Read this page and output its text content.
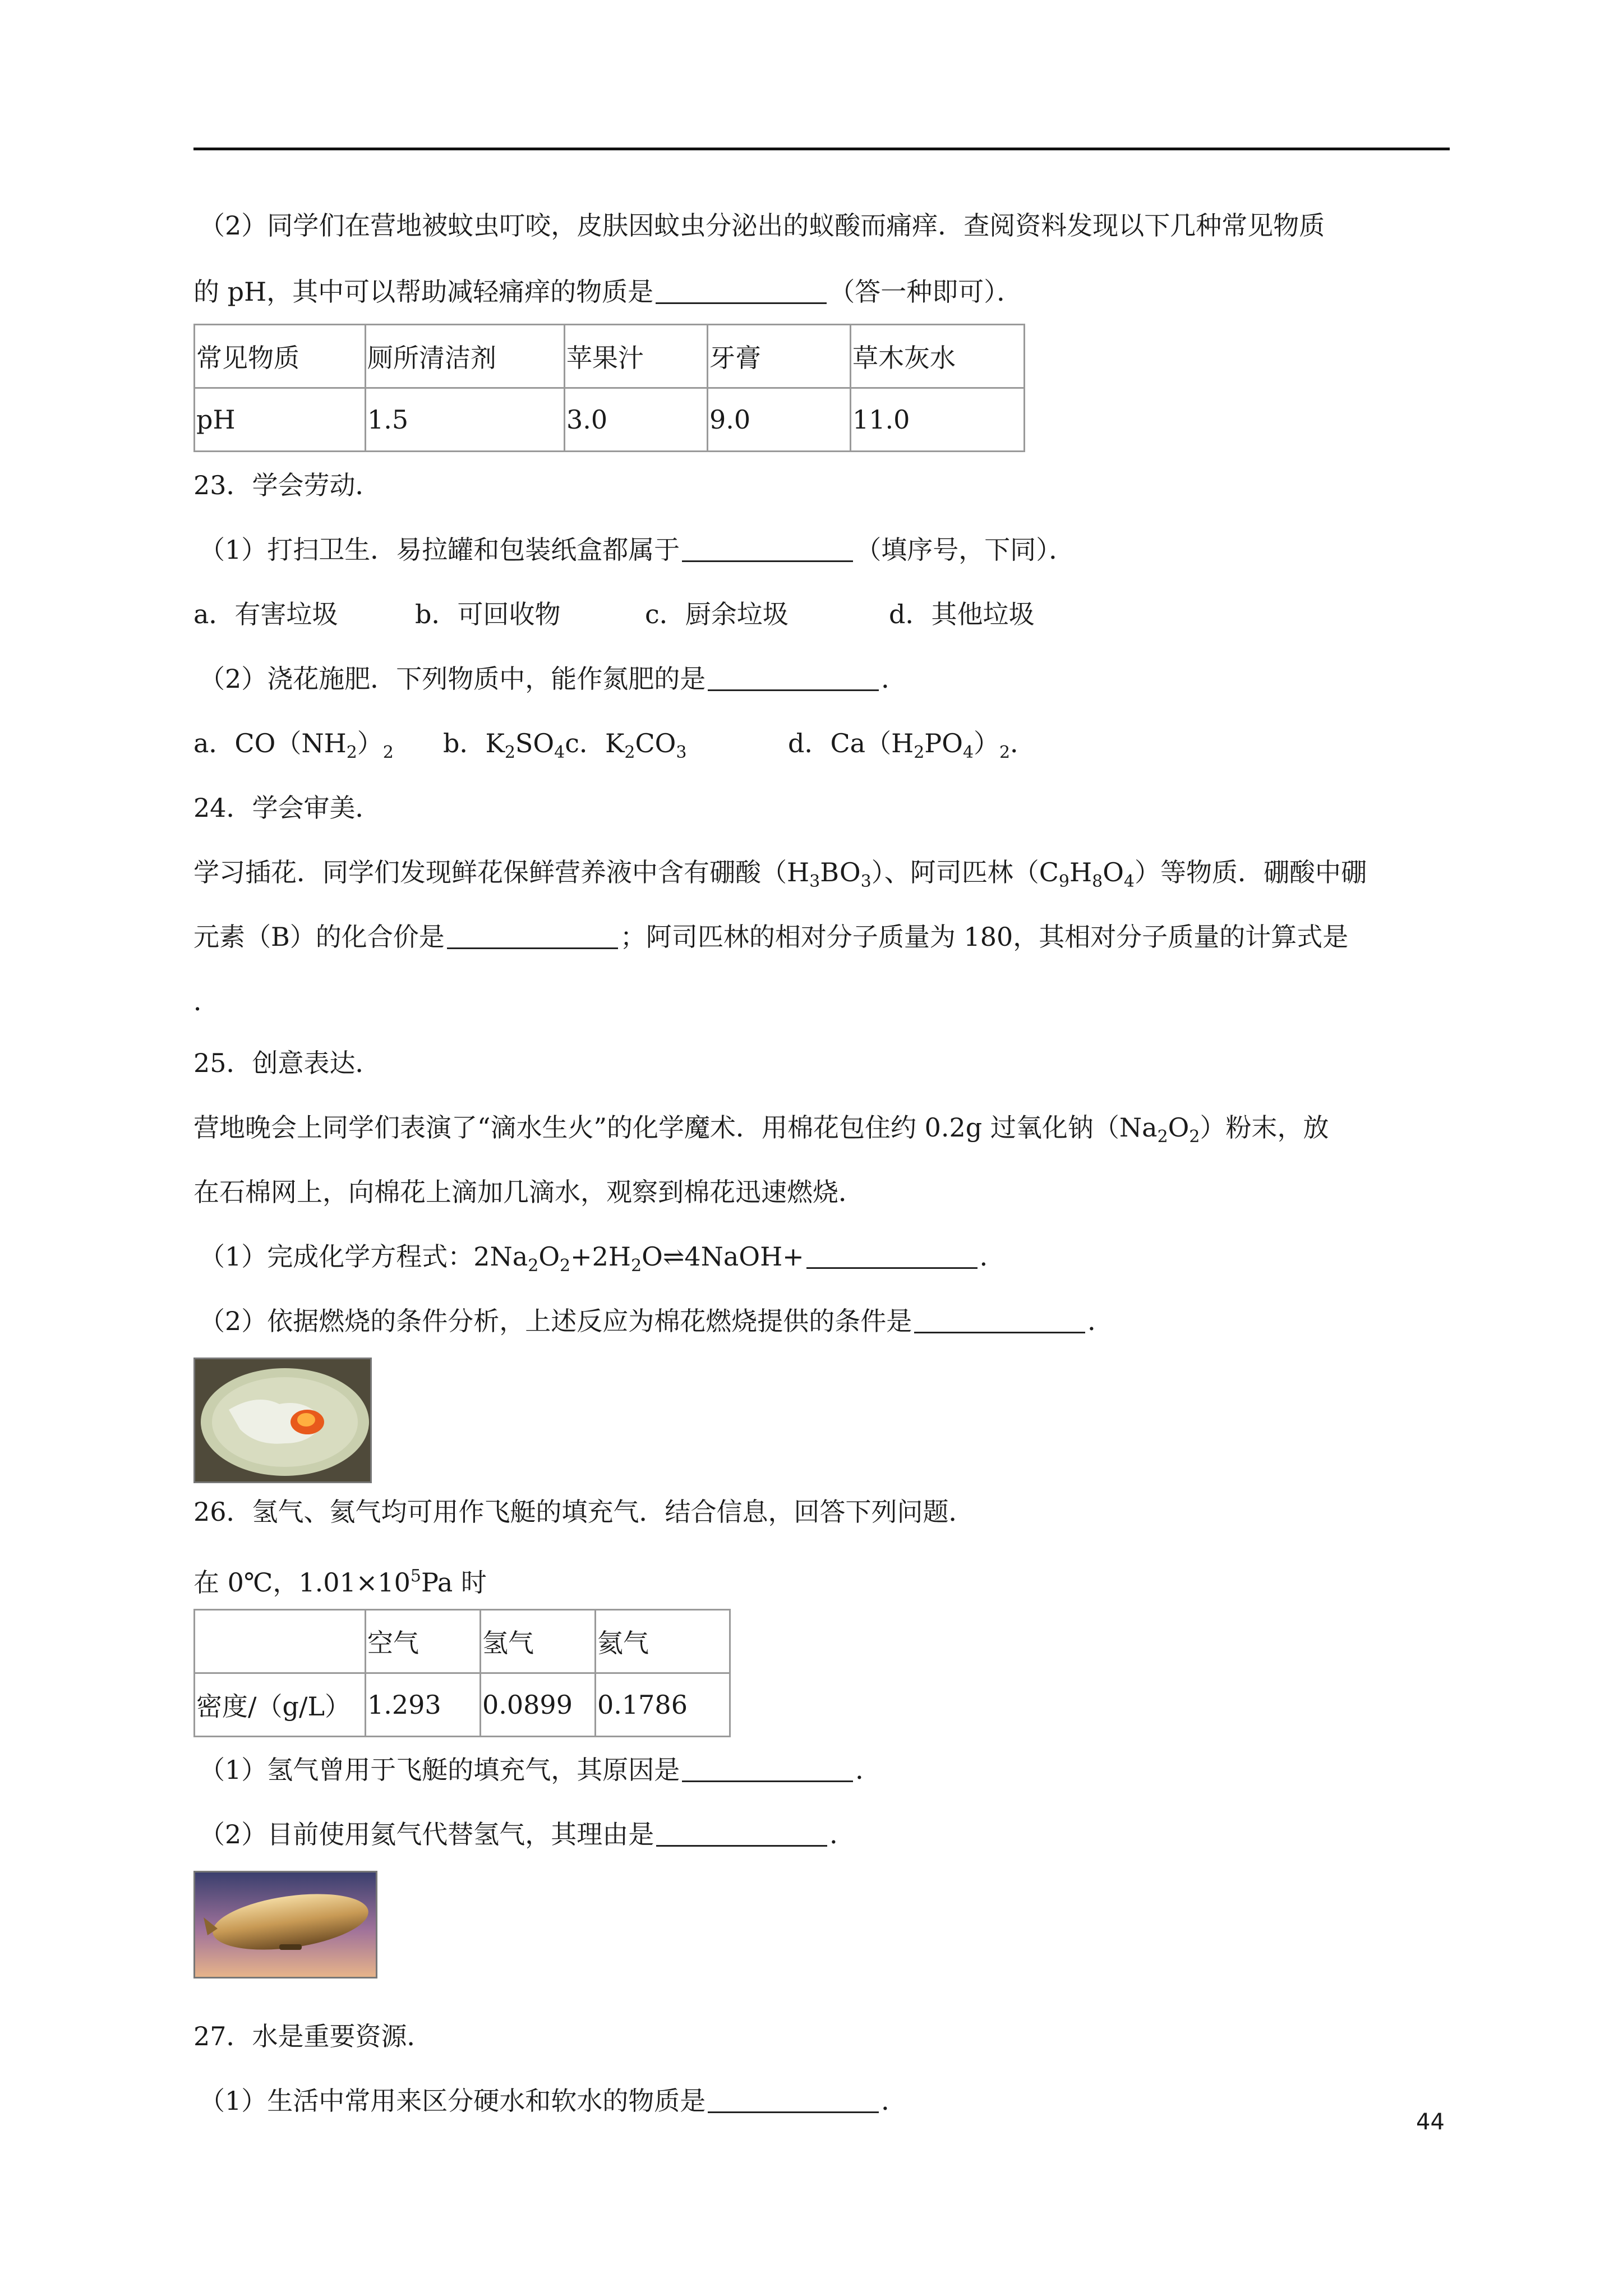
（2）同学们在营地被蚊虫叮咬，皮肤因蚊虫分泌出的蚁酸而痛痒．查阅资料发现以下几种常见物质
的 pH，其中可以帮助减轻痛痒的物质是	（答一种即可）．
常见物质	厕所清洁剂	苹果汁	牙膏	草木灰水
pH	1.5	3.0	9.0	11.0
23．学会劳动．
（1）打扫卫生．易拉罐和包装纸盒都属于	（填序号，下同）．
a．有害垃圾	b．可回收物	c．厨余垃圾	d．其他垃圾
（2）浇花施肥．下列物质中，能作氮肥的是	．
a．$CO(NH_2)_2$ b．$K_2SO_4c$．$K_2CO_3$	d．$Ca(H_2PO_4)_2$．
24．学会审美．
学习插花．同学们发现鲜花保鲜营养液中含有硼酸$(H_3BO_3)$、阿司匹林$(C_9H_8O_4)$等物质．硼酸中硼
元素（B）的化合价是	；阿司匹林的相对分子质量为 180，其相对分子质量的计算式是
．
25．创意表达．
营地晚会上同学们表演了“滴水生火”的化学魔术．用棉花包住约 0.2g 过氧化钠$(Na_2O_2)$粉末，放
在石棉网上，向棉花上滴加几滴水，观察到棉花迅速燃烧．
（1）完成化学方程式：$2Na_2O_2+2H_2O\rightleftharpoons 4NaOH+$	．
（2）依据燃烧的条件分析，上述反应为棉花燃烧提供的条件是	．
26．氢气、氦气均可用作飞艇的填充气．结合信息，回答下列问题．
在 0℃，$1.01\times 10^5Pa$ 时
	空气	氢气	氦气
密度/（g/L）	1.293	0.0899	0.1786
（1）氢气曾用于飞艇的填充气，其原因是	．
（2）目前使用氦气代替氢气，其理由是	．
27．水是重要资源．
（1）生活中常用来区分硬水和软水的物质是	．
44
